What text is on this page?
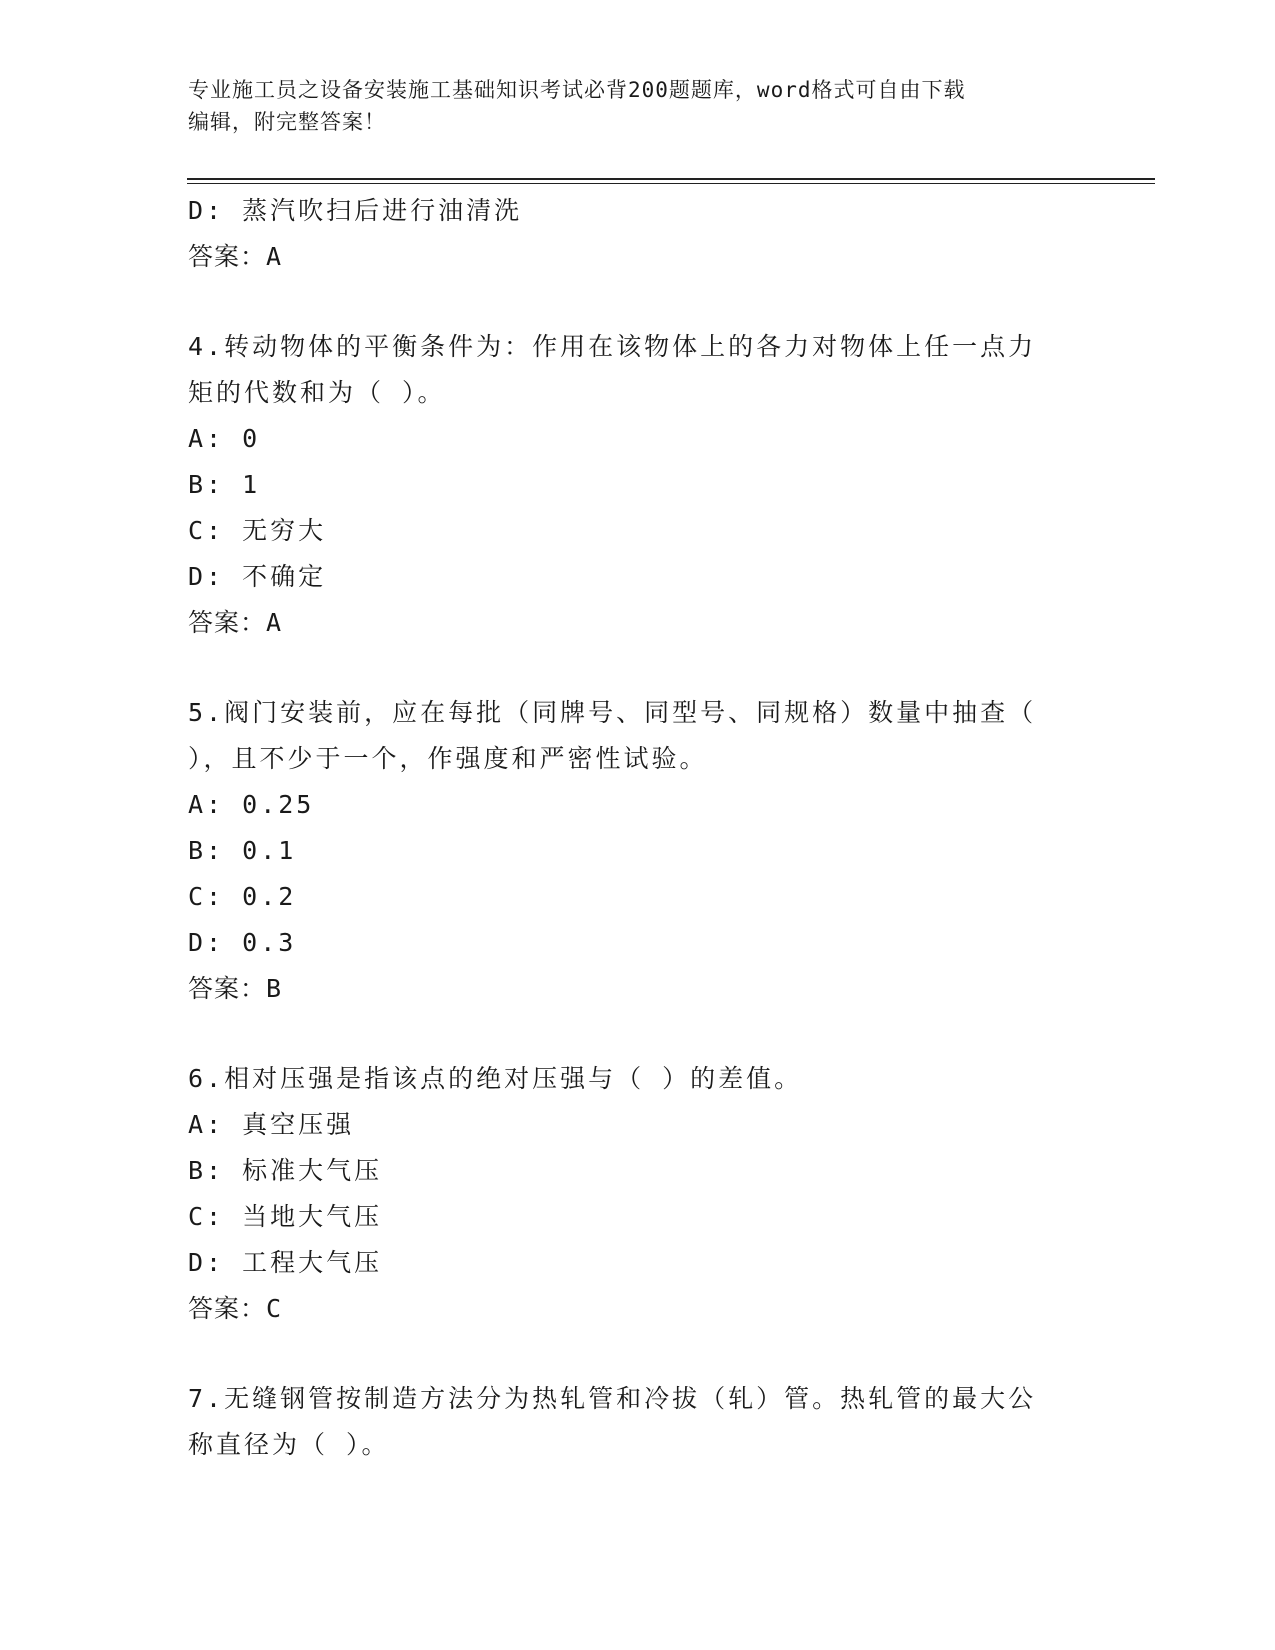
专业施工员之设备安装施工基础知识考试必背200题题库，word格式可自由下载
编辑，附完整答案！
D: 蒸汽吹扫后进行油清洗
答案：A
4.转动物体的平衡条件为：作用在该物体上的各力对物体上任一点力
矩的代数和为（ ）。
A: 0
B: 1
C: 无穷大
D: 不确定
答案：A
5.阀门安装前，应在每批（同牌号、同型号、同规格）数量中抽查（
），且不少于一个，作强度和严密性试验。
A: 0.25
B: 0.1
C: 0.2
D: 0.3
答案：B
6.相对压强是指该点的绝对压强与（ ）的差值。
A: 真空压强
B: 标准大气压
C: 当地大气压
D: 工程大气压
答案：C
7.无缝钢管按制造方法分为热轧管和冷拔（轧）管。热轧管的最大公
称直径为（ ）。
